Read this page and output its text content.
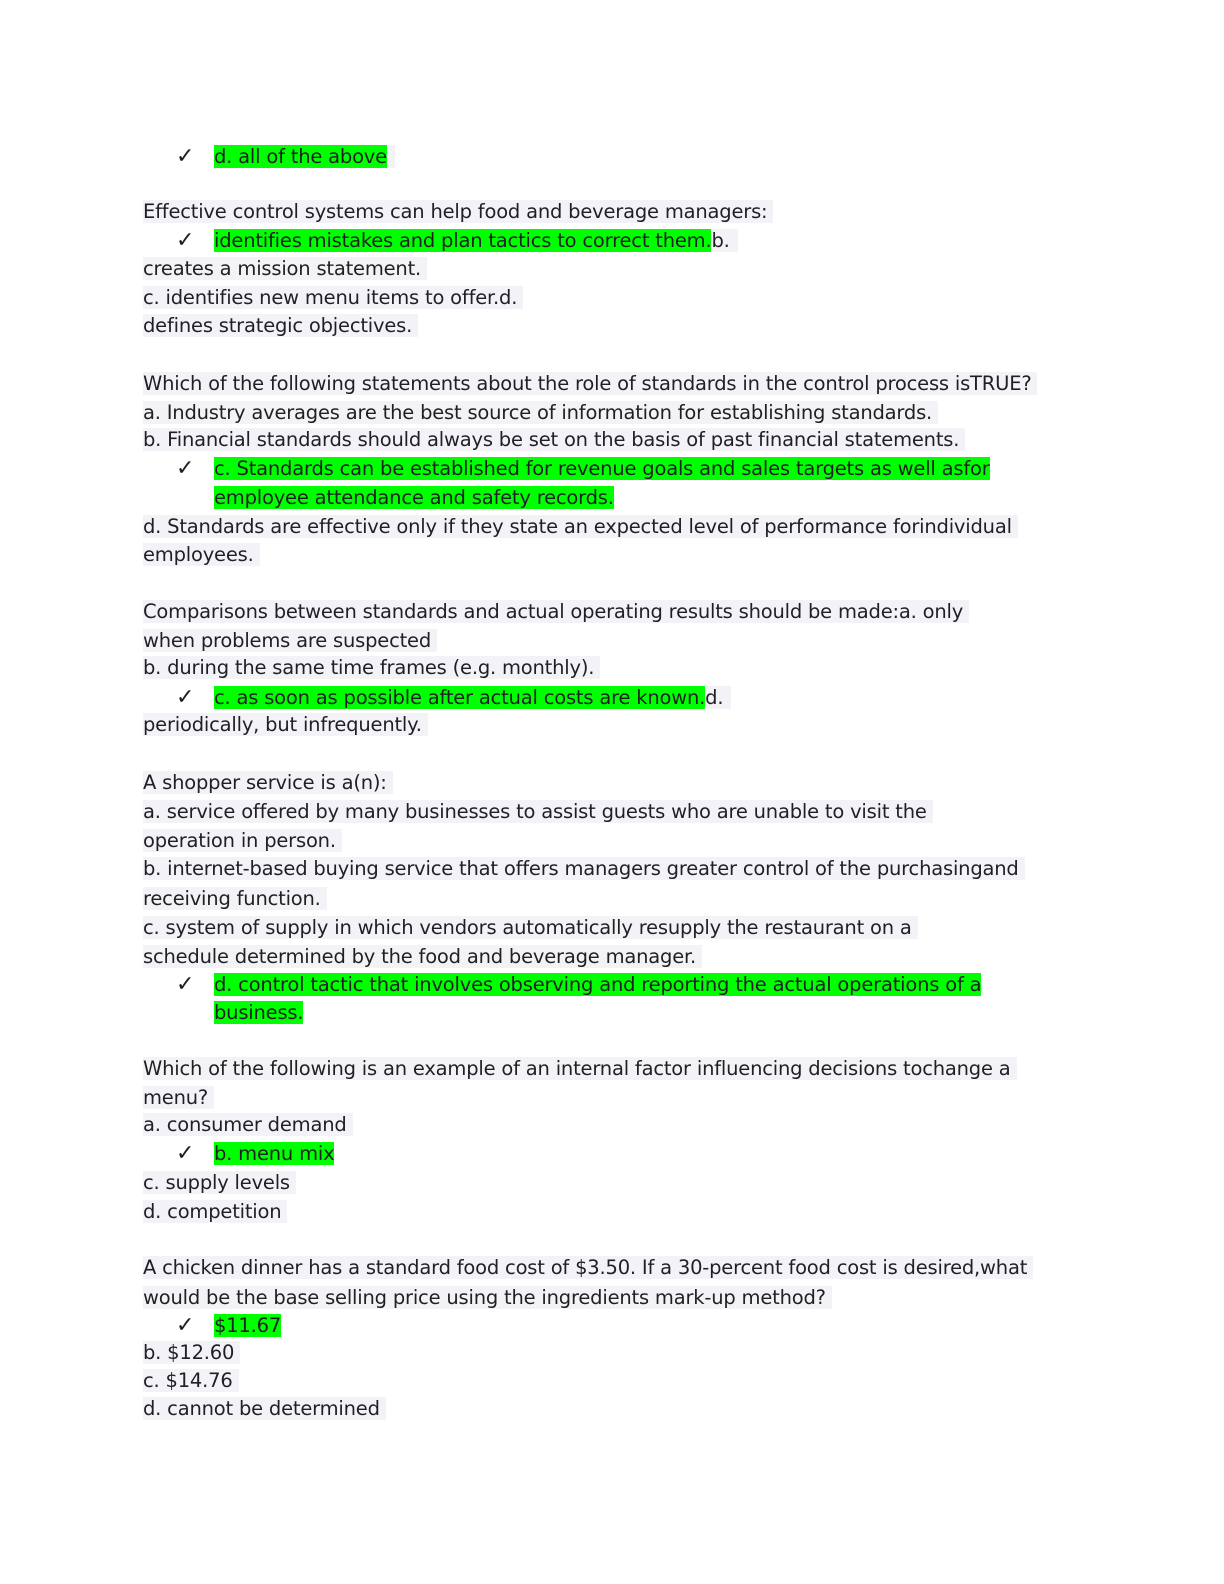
✓ d. all of the above
Effective control systems can help food and beverage managers:
✓ identifies mistakes and plan tactics to correct them.b.
creates a mission statement.
c. identifies new menu items to offer.d.
defines strategic objectives.
Which of the following statements about the role of standards in the control process isTRUE?
a. Industry averages are the best source of information for establishing standards.
b. Financial standards should always be set on the basis of past financial statements.
✓ c. Standards can be established for revenue goals and sales targets as well asfor
employee attendance and safety records.
d. Standards are effective only if they state an expected level of performance forindividual
employees.
Comparisons between standards and actual operating results should be made:a. only
when problems are suspected
b. during the same time frames (e.g. monthly).
✓ c. as soon as possible after actual costs are known.d.
periodically, but infrequently.
A shopper service is a(n):
a. service offered by many businesses to assist guests who are unable to visit the
operation in person.
b. internet-based buying service that offers managers greater control of the purchasingand
receiving function.
c. system of supply in which vendors automatically resupply the restaurant on a
schedule determined by the food and beverage manager.
✓ d. control tactic that involves observing and reporting the actual operations of a
business.
Which of the following is an example of an internal factor influencing decisions tochange a
menu?
a. consumer demand
✓ b. menu mix
c. supply levels
d. competition
A chicken dinner has a standard food cost of $3.50. If a 30-percent food cost is desired,what
would be the base selling price using the ingredients mark-up method?
✓ $11.67
b. $12.60
c. $14.76
d. cannot be determined
